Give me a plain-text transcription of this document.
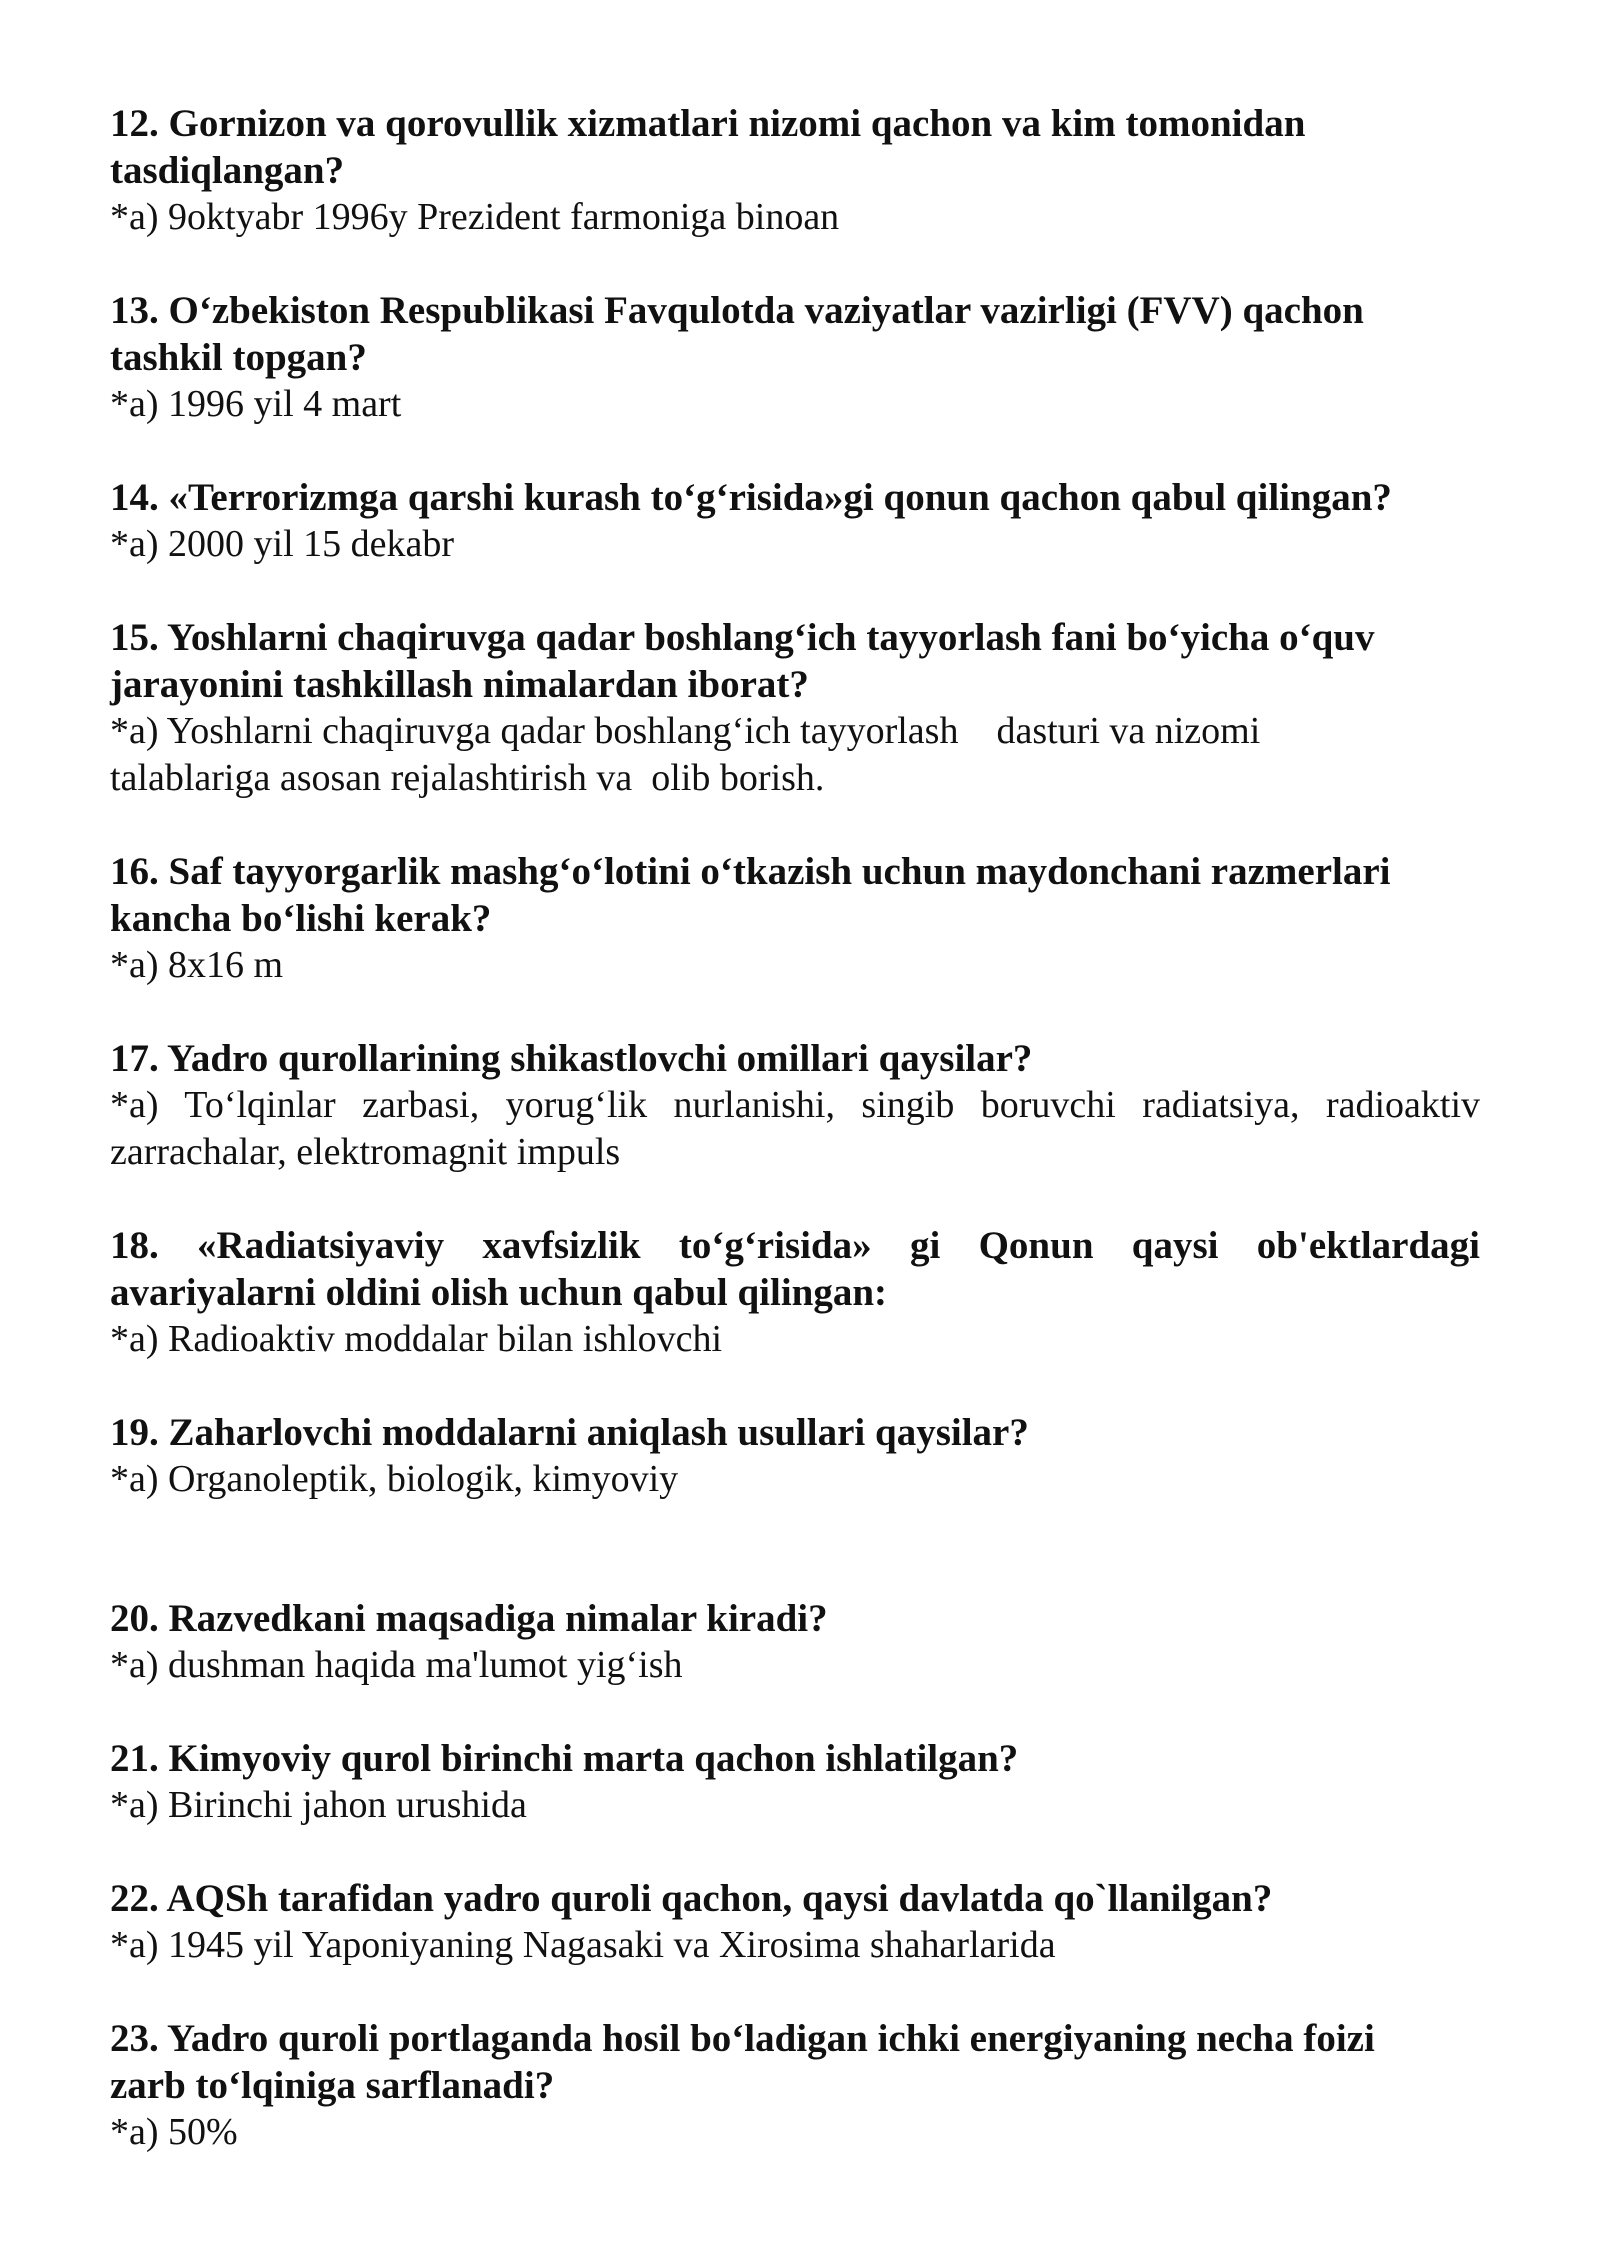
12. Gornizon va qorovullik xizmatlari nizomi qachon va kim tomonidan tasdiqlangan?

*a) 9oktyabr 1996y Prezident farmoniga binoan

13. O‘zbekiston Respublikasi Favqulotda vaziyatlar vazirligi (FVV) qachon tashkil topgan?

*a) 1996 yil 4 mart

14. «Terrorizmga qarshi kurash to‘g‘risida»gi qonun qachon qabul qilingan?

*a) 2000 yil 15 dekabr

15. Yoshlarni chaqiruvga qadar boshlang‘ich tayyorlash fani bo‘yicha o‘quv jarayonini tashkillash nimalardan iborat?

*a) Yoshlarni chaqiruvga qadar boshlang‘ich tayyorlash    dasturi va nizomi talablariga asosan rejalashtirish va  olib borish.

16. Saf tayyorgarlik mashg‘o‘lotini o‘tkazish uchun maydonchani razmerlari kancha bo‘lishi kerak?

*a) 8x16 m

17. Yadro qurollarining shikastlovchi omillari qaysilar?

*a) To‘lqinlar zarbasi, yorug‘lik nurlanishi, singib boruvchi radiatsiya, radioaktiv zarrachalar, elektromagnit impuls

18. «Radiatsiyaviy xavfsizlik to‘g‘risida» gi Qonun qaysi ob'ektlardagi avariyalarni oldini olish uchun qabul qilingan:

*a) Radioaktiv moddalar bilan ishlovchi

19. Zaharlovchi moddalarni aniqlash usullari qaysilar?

*a) Organoleptik, biologik, kimyoviy

20. Razvedkani maqsadiga nimalar kiradi?

*a) dushman haqida ma'lumot yig‘ish

21. Kimyoviy qurol birinchi marta qachon ishlatilgan?

*a) Birinchi jahon urushida

22. AQSh tarafidan yadro quroli qachon, qaysi davlatda qo`llanilgan?

*a) 1945 yil Yaponiyaning Nagasaki va Xirosima shaharlarida

23. Yadro quroli portlaganda hosil bo‘ladigan ichki energiyaning necha foizi zarb to‘lqiniga sarflanadi?

*a) 50%
